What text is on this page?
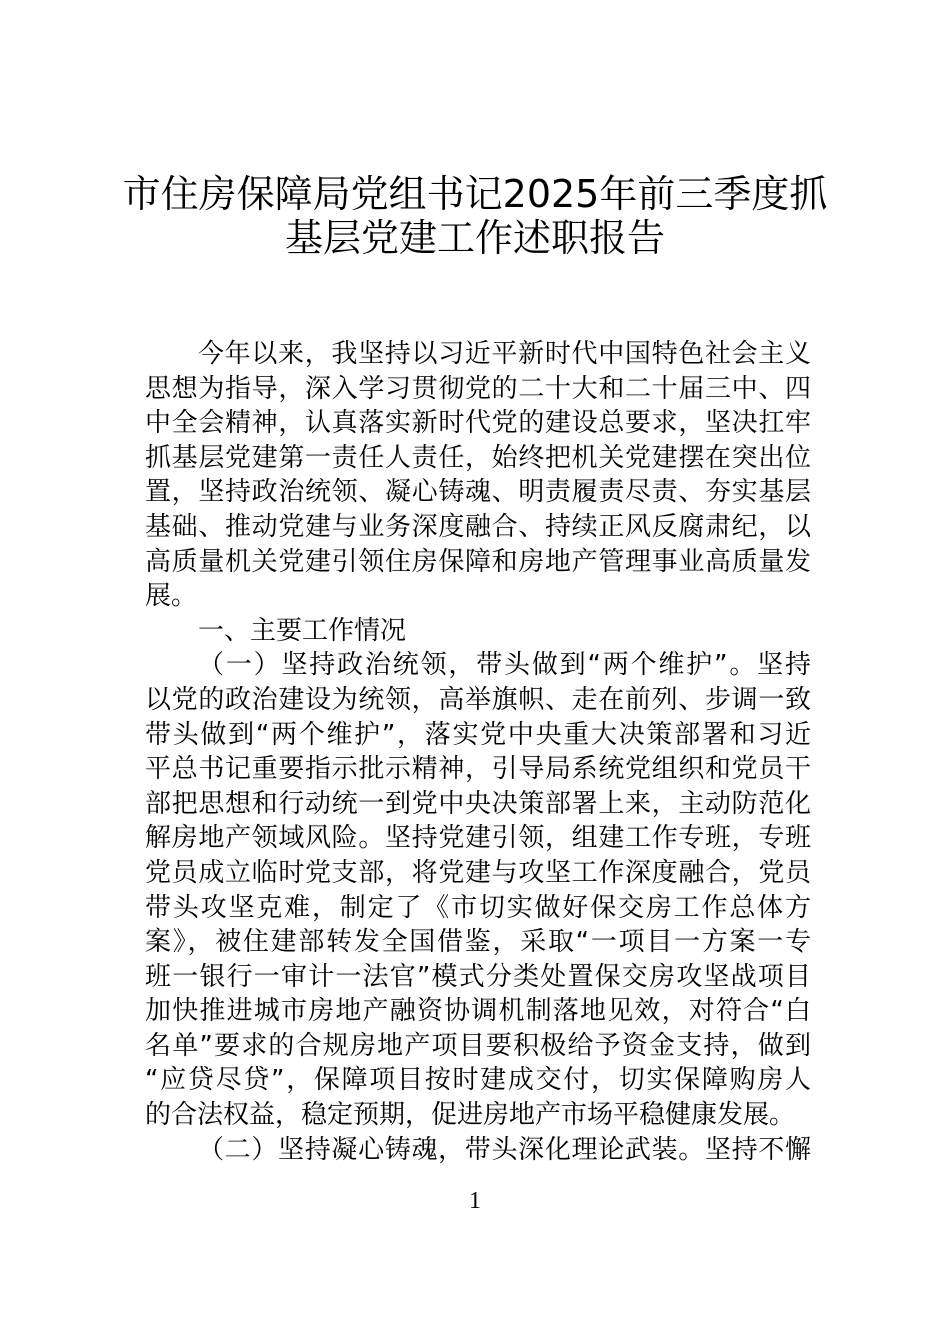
市住房保障局党组书记2025年前三季度抓
基层党建工作述职报告
今年以来，我坚持以习近平新时代中国特色社会主义
思想为指导，深入学习贯彻党的二十大和二十届三中、四
中全会精神，认真落实新时代党的建设总要求，坚决扛牢
抓基层党建第一责任人责任，始终把机关党建摆在突出位
置，坚持政治统领、凝心铸魂、明责履责尽责、夯实基层
基础、推动党建与业务深度融合、持续正风反腐肃纪，以
高质量机关党建引领住房保障和房地产管理事业高质量发
展。
一、主要工作情况
（一）坚持政治统领，带头做到“两个维护”。坚持
以党的政治建设为统领，高举旗帜、走在前列、步调一致
带头做到“两个维护”，落实党中央重大决策部署和习近
平总书记重要指示批示精神，引导局系统党组织和党员干
部把思想和行动统一到党中央决策部署上来，主动防范化
解房地产领域风险。坚持党建引领，组建工作专班，专班
党员成立临时党支部，将党建与攻坚工作深度融合，党员
带头攻坚克难，制定了《市切实做好保交房工作总体方
案》，被住建部转发全国借鉴，采取“一项目一方案一专
班一银行一审计一法官”模式分类处置保交房攻坚战项目
加快推进城市房地产融资协调机制落地见效，对符合“白
名单”要求的合规房地产项目要积极给予资金支持，做到
“应贷尽贷”，保障项目按时建成交付，切实保障购房人
的合法权益，稳定预期，促进房地产市场平稳健康发展。
（二）坚持凝心铸魂，带头深化理论武装。坚持不懈
1
